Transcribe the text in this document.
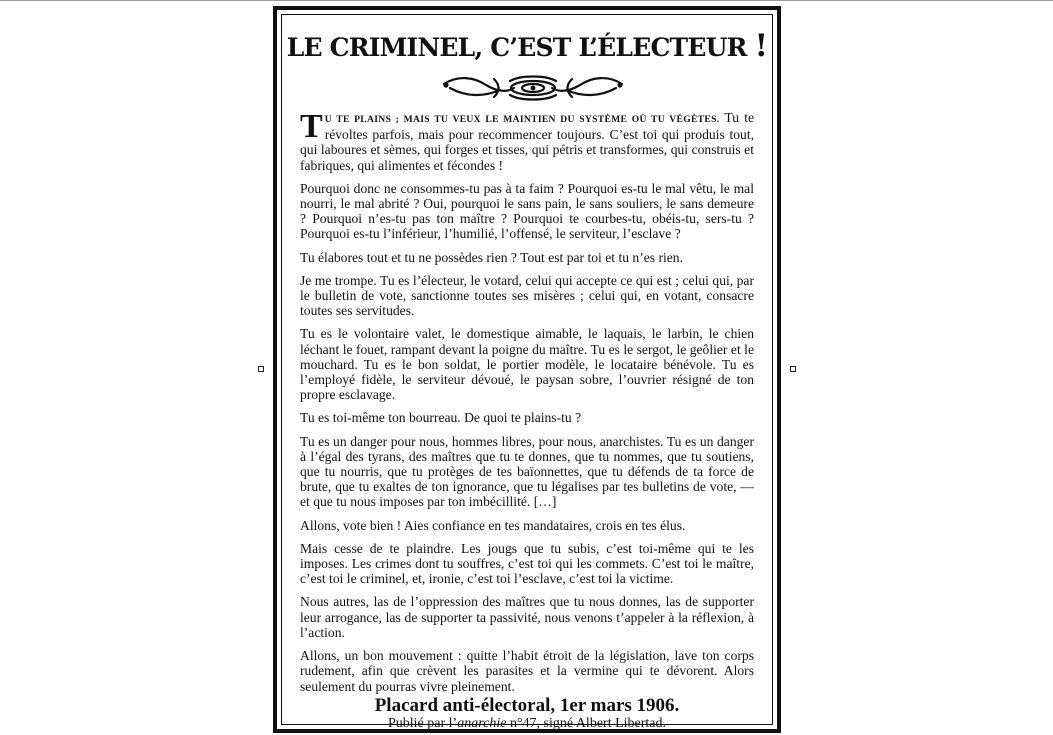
LE CRIMINEL, C’EST L’ÉLECTEUR !

TU TE PLAINS ; MAIS TU VEUX LE MAINTIEN DU SYSTÈME OÙ TU VÉGÈTES. Tu te révoltes parfois, mais pour recommencer toujours. C’est toi qui produis tout, qui laboures et sèmes, qui forges et tisses, qui pétris et transformes, qui construis et fabriques, qui alimentes et fécondes !

Pourquoi donc ne consommes-tu pas à ta faim ? Pourquoi es-tu le mal vêtu, le mal nourri, le mal abrité ? Oui, pourquoi le sans pain, le sans souliers, le sans demeure ? Pourquoi n’es-tu pas ton maître ? Pourquoi te courbes-tu, obéis-tu, sers-tu ? Pourquoi es-tu l’inférieur, l’humilié, l’offensé, le serviteur, l’esclave ?

Tu élabores tout et tu ne possèdes rien ? Tout est par toi et tu n’es rien.

Je me trompe. Tu es l’électeur, le votard, celui qui accepte ce qui est ; celui qui, par le bulletin de vote, sanctionne toutes ses misères ; celui qui, en votant, consacre toutes ses servitudes.

Tu es le volontaire valet, le domestique aimable, le laquais, le larbin, le chien léchant le fouet, rampant devant la poigne du maître. Tu es le sergot, le geôlier et le mouchard. Tu es le bon soldat, le portier modèle, le locataire bénévole. Tu es l’employé fidèle, le serviteur dévoué, le paysan sobre, l’ouvrier résigné de ton propre esclavage.

Tu es toi-même ton bourreau. De quoi te plains-tu ?

Tu es un danger pour nous, hommes libres, pour nous, anarchistes. Tu es un danger à l’égal des tyrans, des maîtres que tu te donnes, que tu nommes, que tu soutiens, que tu nourris, que tu protèges de tes baïonnettes, que tu défends de ta force de brute, que tu exaltes de ton ignorance, que tu légalises par tes bulletins de vote, — et que tu nous imposes par ton imbécillité. […]

Allons, vote bien ! Aies confiance en tes mandataires, crois en tes élus.

Mais cesse de te plaindre. Les jougs que tu subis, c’est toi-même qui te les imposes. Les crimes dont tu souffres, c’est toi qui les commets. C’est toi le maître, c’est toi le criminel, et, ironie, c’est toi l’esclave, c’est toi la victime.

Nous autres, las de l’oppression des maîtres que tu nous donnes, las de supporter leur arrogance, las de supporter ta passivité, nous venons t’appeler à la réflexion, à l’action.

Allons, un bon mouvement : quitte l’habit étroit de la législation, lave ton corps rudement, afin que crèvent les parasites et la vermine qui te dévorent. Alors seulement du pourras vivre pleinement.

Placard anti-électoral, 1er mars 1906.
Publié par l’anarchie n°47, signé Albert Libertad.
